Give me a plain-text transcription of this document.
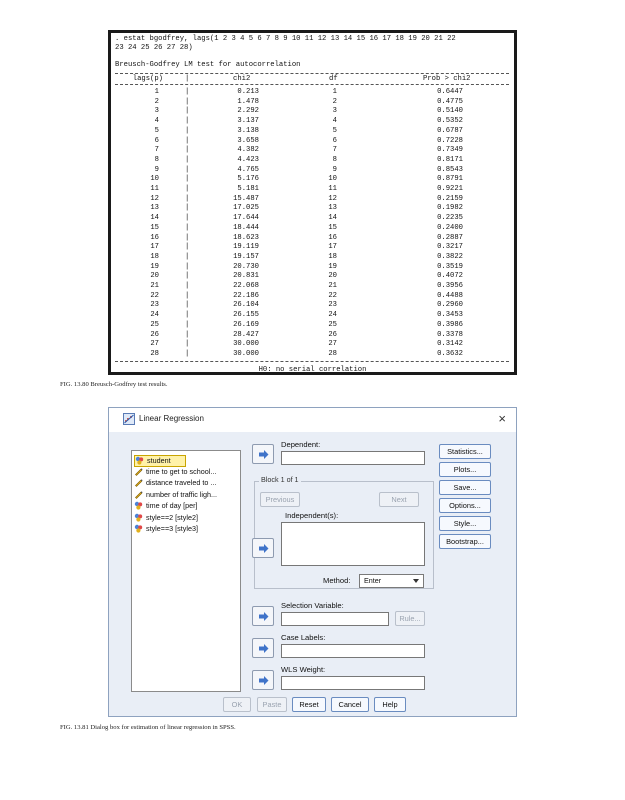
. estat bgodfrey, lags(1 2 3 4 5 6 7 8 9 10 11 12 13 14 15 16 17 18 19 20 21 22
23 24 25 26 27 28)
Breusch-Godfrey LM test for autocorrelation
lags(p)	|	chi2	df	Prob > chi2
1	|	0.213	1	0.6447
2	|	1.478	2	0.4775
3	|	2.292	3	0.5140
4	|	3.137	4	0.5352
5	|	3.138	5	0.6787
6	|	3.658	6	0.7228
7	|	4.382	7	0.7349
8	|	4.423	8	0.8171
9	|	4.765	9	0.8543
10	|	5.176	10	0.8791
11	|	5.181	11	0.9221
12	|	15.487	12	0.2159
13	|	17.025	13	0.1982
14	|	17.644	14	0.2235
15	|	18.444	15	0.2400
16	|	18.623	16	0.2887
17	|	19.119	17	0.3217
18	|	19.157	18	0.3822
19	|	20.730	19	0.3519
20	|	20.831	20	0.4072
21	|	22.068	21	0.3956
22	|	22.186	22	0.4488
23	|	26.104	23	0.2960
24	|	26.155	24	0.3453
25	|	26.169	25	0.3986
26	|	28.427	26	0.3378
27	|	30.000	27	0.3142
28	|	30.000	28	0.3632
H0: no serial correlation
FIG. 13.80 Breusch-Godfrey test results.
Linear Regression	×
student
time to get to school...
distance traveled to ...
number of traffic ligh...
time of day [per]
style==2 [style2]
style==3 [style3]
Dependent:
Block 1 of 1
Previous	Next
Independent(s):
Method:	Enter
Selection Variable:
Rule...
Case Labels:
WLS Weight:
Statistics...
Plots...
Save...
Options...
Style...
Bootstrap...
OK	Paste	Reset	Cancel	Help
FIG. 13.81 Dialog box for estimation of linear regression in SPSS.
